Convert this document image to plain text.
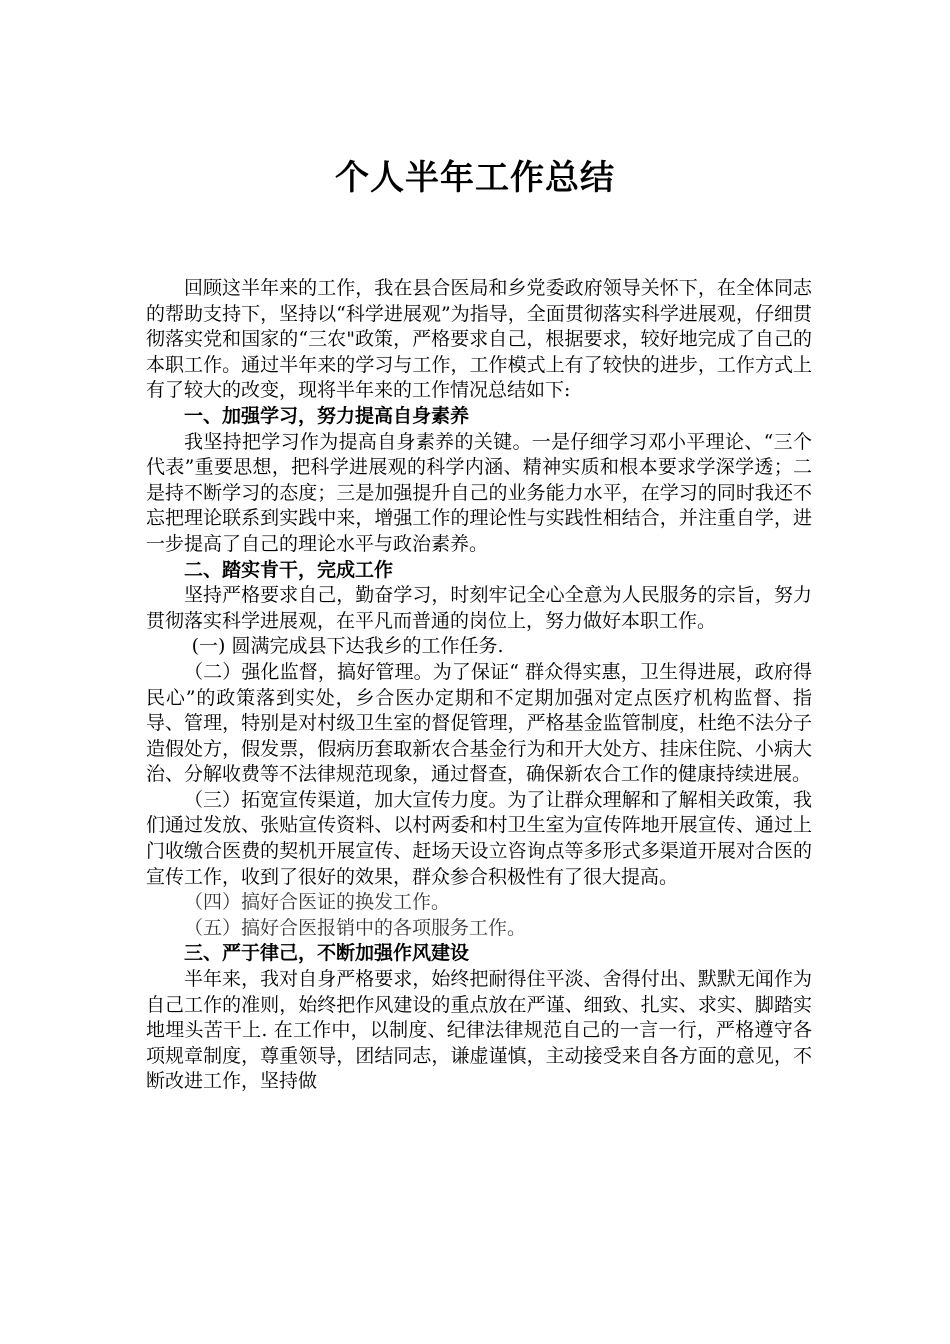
个人半年工作总结

回顾这半年来的工作，我在县合医局和乡党委政府领导关怀下，在全体同志的帮助支持下，坚持以“科学进展观”为指导，全面贯彻落实科学进展观，仔细贯彻落实党和国家的“三农"政策，严格要求自己，根据要求，较好地完成了自己的本职工作。通过半年来的学习与工作，工作模式上有了较快的进步，工作方式上有了较大的改变，现将半年来的工作情况总结如下:

一、加强学习，努力提高自身素养

我坚持把学习作为提高自身素养的关键。一是仔细学习邓小平理论、“三个代表”重要思想，把科学进展观的科学内涵、精神实质和根本要求学深学透；二是持不断学习的态度；三是加强提升自己的业务能力水平，在学习的同时我还不忘把理论联系到实践中来，增强工作的理论性与实践性相结合，并注重自学，进一步提高了自己的理论水平与政治素养。

二、踏实肯干，完成工作

坚持严格要求自己，勤奋学习，时刻牢记全心全意为人民服务的宗旨，努力贯彻落实科学进展观，在平凡而普通的岗位上，努力做好本职工作。

(一) 圆满完成县下达我乡的工作任务.

（二）强化监督，搞好管理。为了保证“ 群众得实惠，卫生得进展，政府得民心”的政策落到实处，乡合医办定期和不定期加强对定点医疗机构监督、指导、管理，特别是对村级卫生室的督促管理，严格基金监管制度，杜绝不法分子造假处方，假发票，假病历套取新农合基金行为和开大处方、挂床住院、小病大治、分解收费等不法律规范现象，通过督查，确保新农合工作的健康持续进展。

（三）拓宽宣传渠道，加大宣传力度。为了让群众理解和了解相关政策，我们通过发放、张贴宣传资料、以村两委和村卫生室为宣传阵地开展宣传、通过上门收缴合医费的契机开展宣传、赶场天设立咨询点等多形式多渠道开展对合医的宣传工作，收到了很好的效果，群众参合积极性有了很大提高。

（四）搞好合医证的换发工作。

（五）搞好合医报销中的各项服务工作。

三、严于律己，不断加强作风建设

半年来，我对自身严格要求，始终把耐得住平淡、舍得付出、默默无闻作为自己工作的准则，始终把作风建设的重点放在严谨、细致、扎实、求实、脚踏实地埋头苦干上. 在工作中，以制度、纪律法律规范自己的一言一行，严格遵守各项规章制度，尊重领导，团结同志，谦虚谨慎，主动接受来自各方面的意见，不断改进工作，坚持做
